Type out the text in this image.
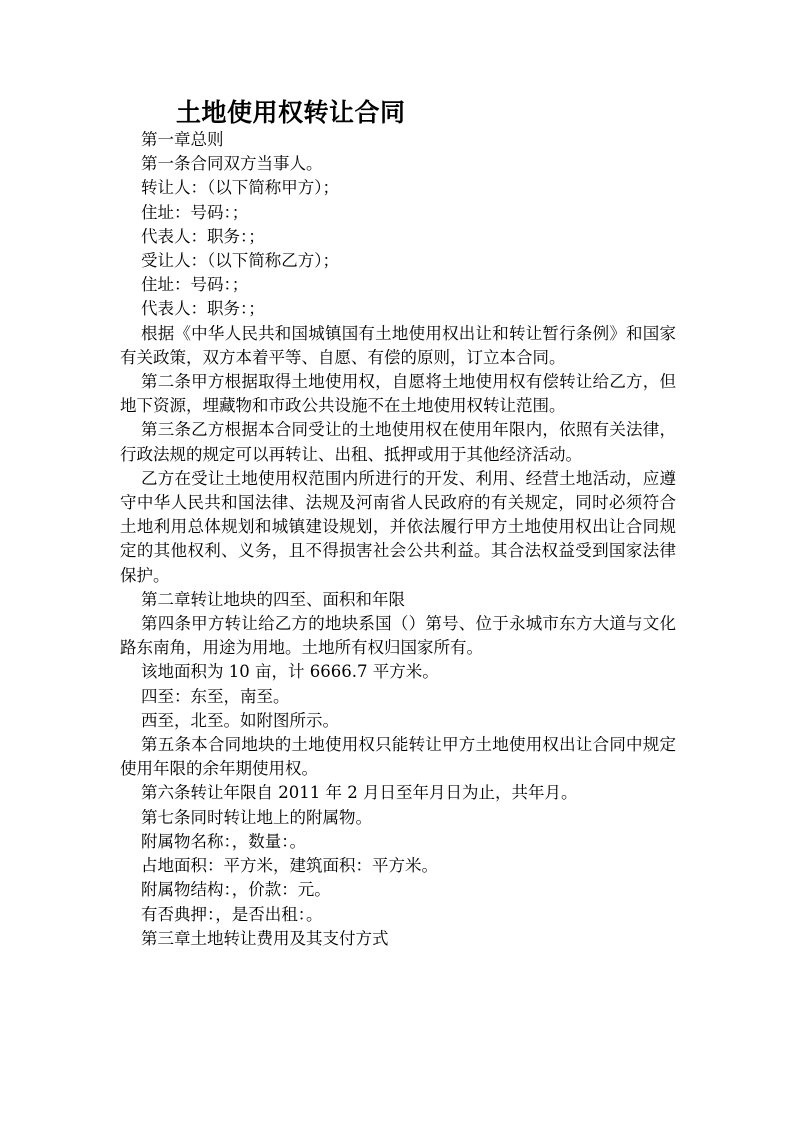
土地使用权转让合同

第一章总则

第一条合同双方当事人。

转让人：（以下简称甲方）；

住址：号码：；

代表人：职务：；

受让人：（以下简称乙方）；

住址：号码：；

代表人：职务：；

根据《中华人民共和国城镇国有土地使用权出让和转让暂行条例》和国家有关政策，双方本着平等、自愿、有偿的原则，订立本合同。

第二条甲方根据取得土地使用权，自愿将土地使用权有偿转让给乙方，但地下资源，埋藏物和市政公共设施不在土地使用权转让范围。

第三条乙方根据本合同受让的土地使用权在使用年限内，依照有关法律，行政法规的规定可以再转让、出租、抵押或用于其他经济活动。

乙方在受让土地使用权范围内所进行的开发、利用、经营土地活动，应遵守中华人民共和国法律、法规及河南省人民政府的有关规定，同时必须符合土地利用总体规划和城镇建设规划，并依法履行甲方土地使用权出让合同规定的其他权利、义务，且不得损害社会公共利益。其合法权益受到国家法律保护。

第二章转让地块的四至、面积和年限

第四条甲方转让给乙方的地块系国（）第号、位于永城市东方大道与文化路东南角，用途为用地。土地所有权归国家所有。

该地面积为 10 亩，计 6666.7 平方米。

四至：东至，南至。

西至，北至。如附图所示。

第五条本合同地块的土地使用权只能转让甲方土地使用权出让合同中规定使用年限的余年期使用权。

第六条转让年限自 2011 年 2 月日至年月日为止，共年月。

第七条同时转让地上的附属物。

附属物名称：，数量：。

占地面积：平方米，建筑面积：平方米。

附属物结构：，价款：元。

有否典押：，是否出租：。

第三章土地转让费用及其支付方式
